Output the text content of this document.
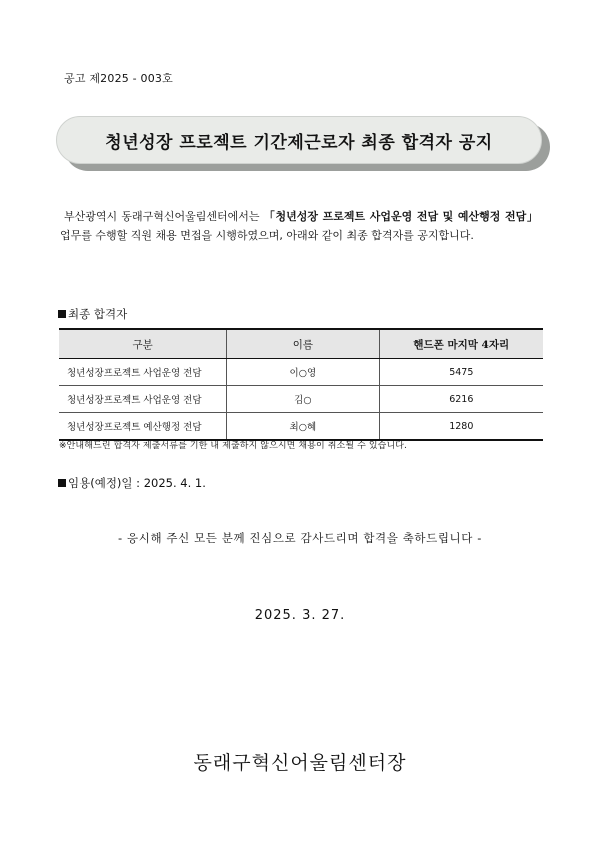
공고 제2025 - 003호
청년성장 프로젝트 기간제근로자 최종 합격자 공지
부산광역시 동래구혁신어울림센터에서는 「청년성장 프로젝트 사업운영 전담 및 예산행정 전담」업무를 수행할 직원 채용 면접을 시행하였으며, 아래와 같이 최종 합격자를 공지합니다.
최종 합격자
구분	이름	핸드폰 마지막 4자리
청년성장프로젝트 사업운영 전담	이○영	5475
청년성장프로젝트 사업운영 전담	김○	6216
청년성장프로젝트 예산행정 전담	최○혜	1280
※안내해드린 합격자 제출서류를 기한 내 제출하지 않으시면 채용이 취소될 수 있습니다.
임용(예정)일 : 2025. 4. 1.
- 응시해 주신 모든 분께 진심으로 감사드리며 합격을 축하드립니다 -
2025. 3. 27.
동래구혁신어울림센터장
